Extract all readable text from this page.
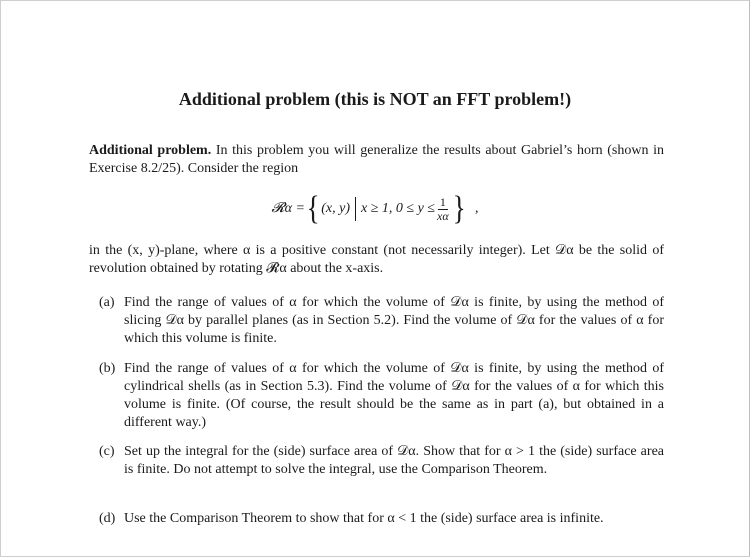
Additional problem (this is NOT an FFT problem!)
Additional problem. In this problem you will generalize the results about Gabriel’s horn (shown in Exercise 8.2/25). Consider the region
𝓡α = { (x, y) x ≥ 1, $0 \le y \le \frac{1}{x\alpha}$ } ,
in the (x, y)-plane, where α is a positive constant (not necessarily integer). Let 𝒟α be the solid of revolution obtained by rotating 𝓡α about the x-axis.
(a) Find the range of values of α for which the volume of 𝒟α is finite, by using the method of slicing 𝒟α by parallel planes (as in Section 5.2). Find the volume of 𝒟α for the values of α for which this volume is finite.
(b) Find the range of values of α for which the volume of 𝒟α is finite, by using the method of cylindrical shells (as in Section 5.3). Find the volume of 𝒟α for the values of α for which this volume is finite. (Of course, the result should be the same as in part (a), but obtained in a different way.)
(c) Set up the integral for the (side) surface area of 𝒟α. Show that for α > 1 the (side) surface area is finite. Do not attempt to solve the integral, use the Comparison Theorem.
(d) Use the Comparison Theorem to show that for α < 1 the (side) surface area is infinite.
